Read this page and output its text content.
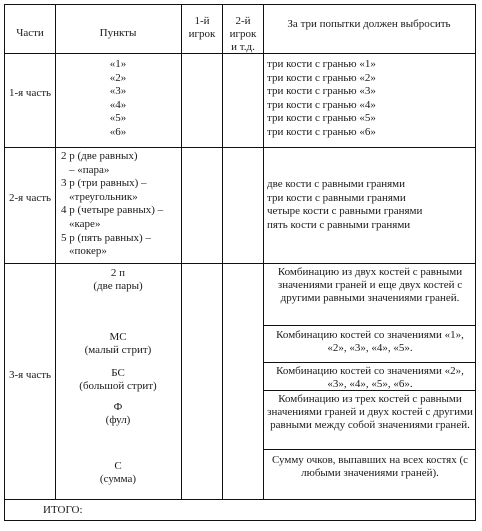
Части	Пункты
1-й игрок
2-й игрок и т.д.
За три попытки должен выбросить
1-я часть
«1»
«2»
«3»
«4»
«5»
«6»
три кости с гранью «1»
три кости с гранью «2»
три кости с гранью «3»
три кости с гранью «4»
три кости с гранью «5»
три кости с гранью «6»
2-я часть
2 р (две равных)
– «пара»
3 р (три равных) –
«треугольник»
4 р (четыре равных) –
«каре»
5 р (пять равных) –
«покер»
две кости с равными гранями
три кости с равными гранями
четыре кости с равными гранями
пять кости с равными гранями
3-я часть
2 п
(две пары)
МС
(малый стрит)
БС
(большой стрит)
Ф
(фул)
С
(сумма)
Комбинацию из двух костей с равными значениями граней и еще двух костей с другими равными значениями граней.
Комбинацию костей со значениями «1», «2», «3», «4», «5».
Комбинацию костей со значениями «2», «3», «4», «5», «6».
Комбинацию из трех костей с равными значениями граней и двух костей с другими равными между собой значениями граней.
Сумму очков, выпавших на всех костях (с любыми значениями граней).
ИТОГО:
